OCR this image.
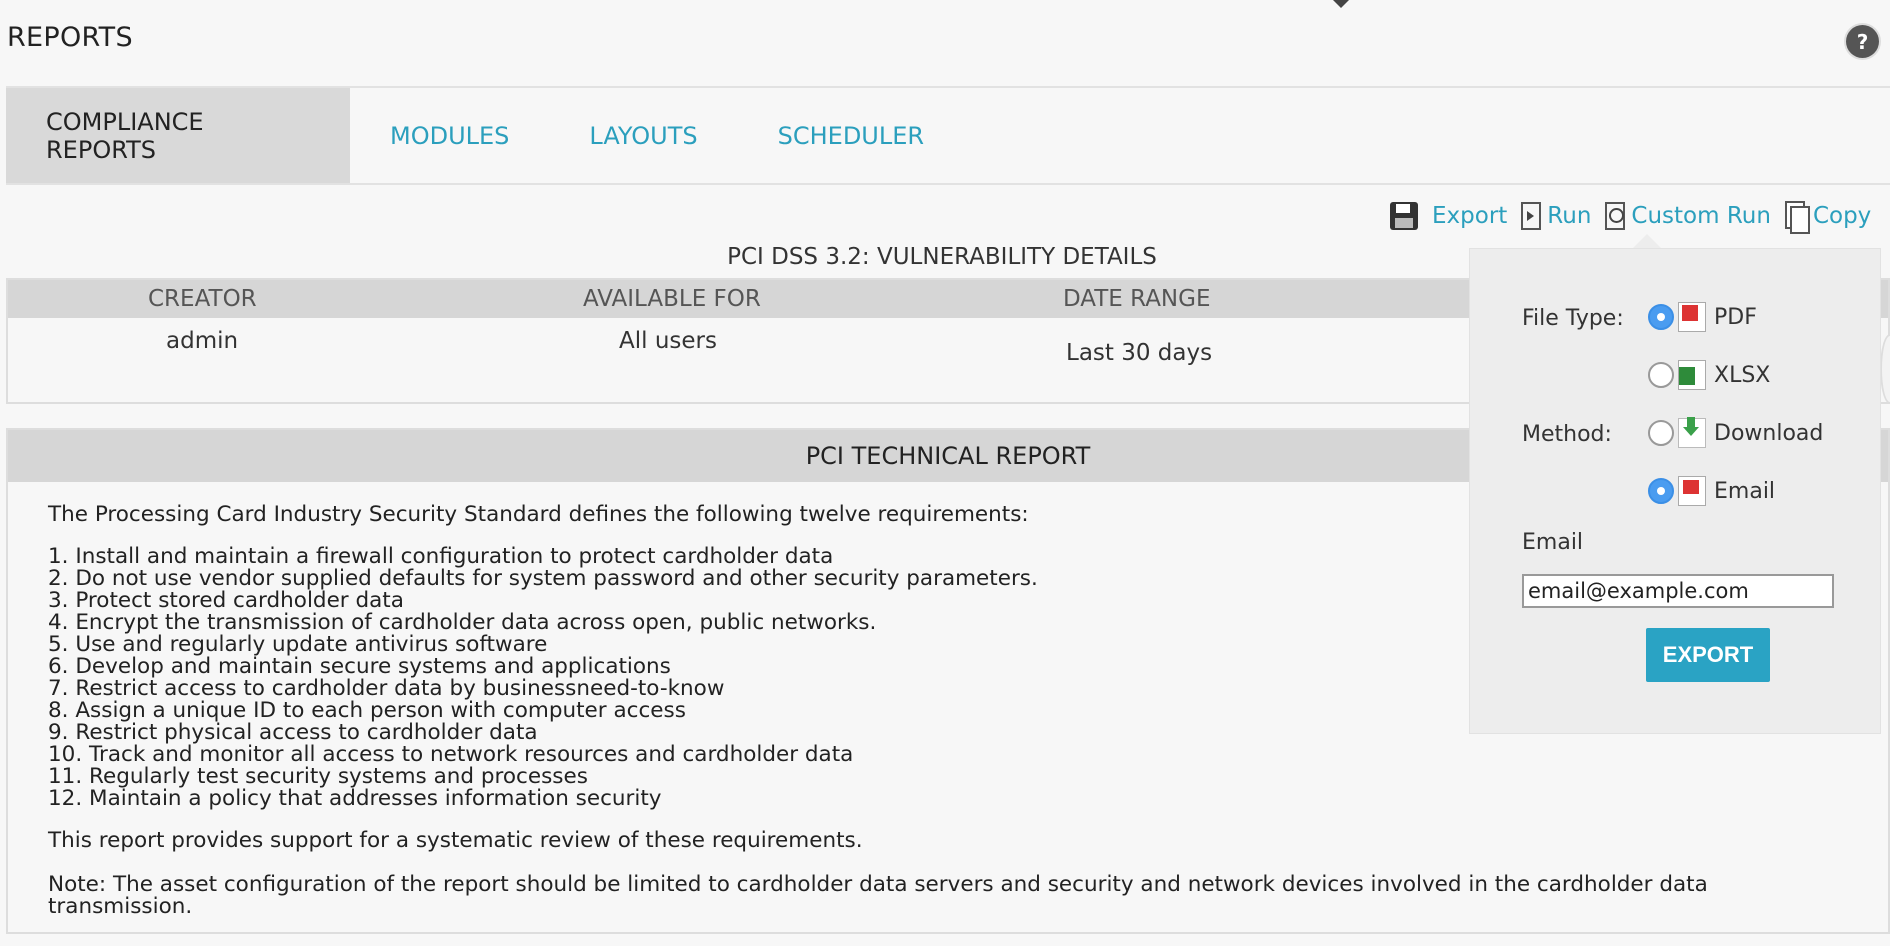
REPORTS	?
COMPLIANCE REPORTS	MODULES	LAYOUTS	SCHEDULER
Export Run Custom Run Copy
PCI DSS 3.2: VULNERABILITY DETAILS
CREATOR	AVAILABLE FOR	DATE RANGE
admin	All users	Last 30 days
PCI TECHNICAL REPORT
The Processing Card Industry Security Standard defines the following twelve requirements:
1. Install and maintain a firewall configuration to protect cardholder data
2. Do not use vendor supplied defaults for system password and other security parameters.
3. Protect stored cardholder data
4. Encrypt the transmission of cardholder data across open, public networks.
5. Use and regularly update antivirus software
6. Develop and maintain secure systems and applications
7. Restrict access to cardholder data by businessneed-to-know
8. Assign a unique ID to each person with computer access
9. Restrict physical access to cardholder data
10. Track and monitor all access to network resources and cardholder data
11. Regularly test security systems and processes
12. Maintain a policy that addresses information security
This report provides support for a systematic review of these requirements.
Note: The asset configuration of the report should be limited to cardholder data servers and security and network devices involved in the cardholder data transmission.
File Type:	PDF
XLSX
Method:	Download
Email
Email
email@example.com
EXPORT
